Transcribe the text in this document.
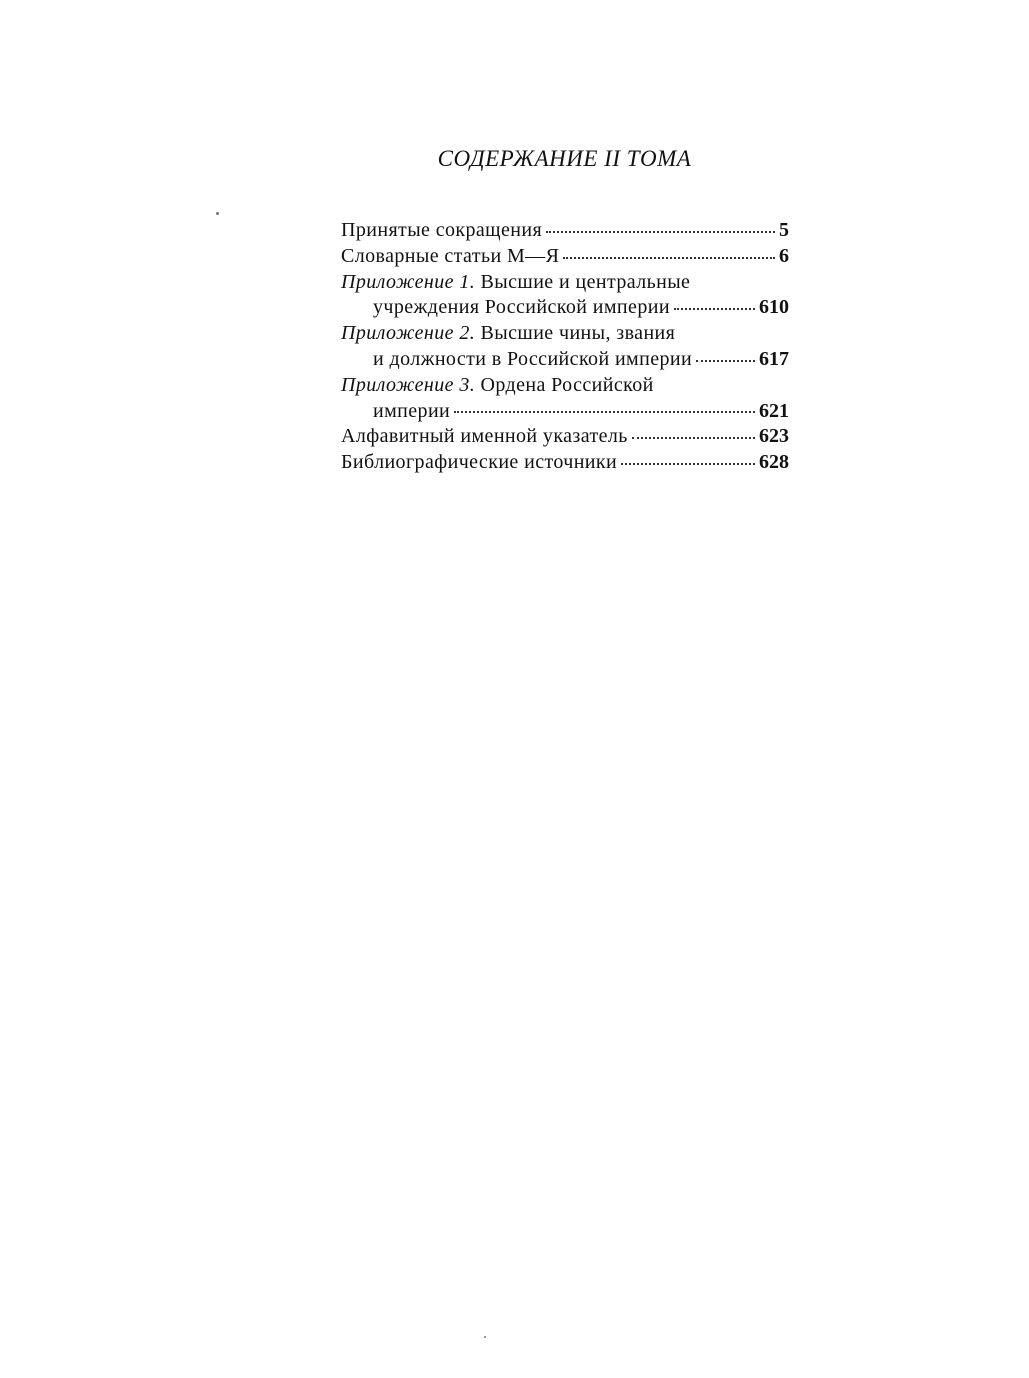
СОДЕРЖАНИЕ II ТОМА
Принятые сокращения	5
Словарные статьи М—Я	6
Приложение 1. Высшие и центральные
учреждения Российской империи	610
Приложение 2. Высшие чины, звания
и должности в Российской империи	617
Приложение 3. Ордена Российской
империи	621
Алфавитный именной указатель	623
Библиографические источники	628
